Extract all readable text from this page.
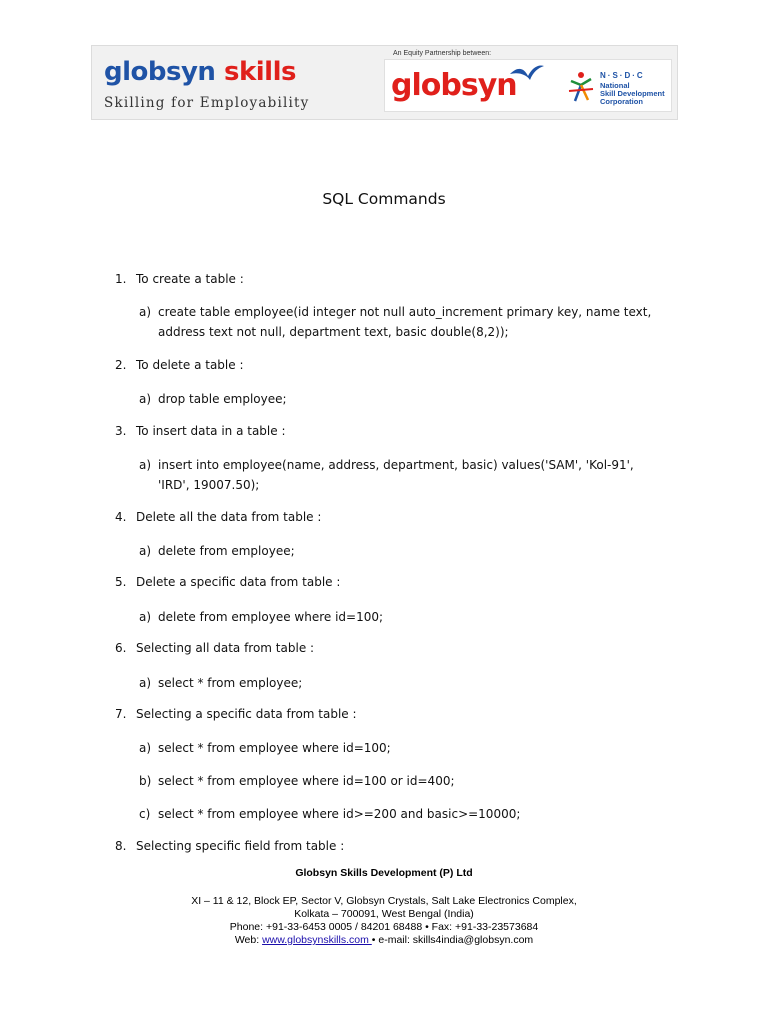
globsyn skills
Skilling for Employability
An Equity Partnership between:
globsyn	N·S·D·C
National
Skill Development
Corporation
SQL Commands
1. To create a table :
a) create table employee(id integer not null auto_increment primary key, name text, address text not null, department text, basic double(8,2));
2. To delete a table :
a) drop table employee;
3. To insert data in a table :
a) insert into employee(name, address, department, basic) values('SAM', 'Kol-91', 'IRD', 19007.50);
4. Delete all the data from table :
a) delete from employee;
5. Delete a specific data from table :
a) delete from employee where id=100;
6. Selecting all data from table :
a) select * from employee;
7. Selecting a specific data from table :
a) select * from employee where id=100;
b) select * from employee where id=100 or id=400;
c) select * from employee where id>=200 and basic>=10000;
8. Selecting specific field from table :
Globsyn Skills Development (P) Ltd
XI – 11 & 12, Block EP, Sector V, Globsyn Crystals, Salt Lake Electronics Complex,
Kolkata – 700091, West Bengal (India)
Phone: +91-33-6453 0005 / 84201 68488 • Fax: +91-33-23573684
Web: www.globsynskills.com • e-mail: skills4india@globsyn.com
